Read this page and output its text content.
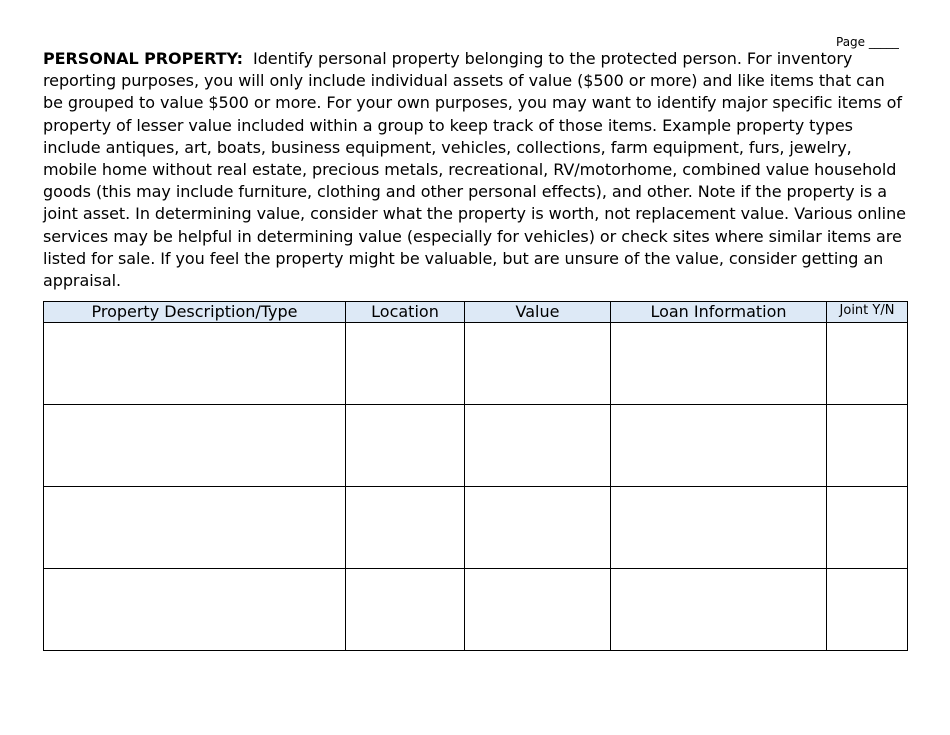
Page _____
PERSONAL PROPERTY: Identify personal property belonging to the protected person. For inventory reporting purposes, you will only include individual assets of value ($500 or more) and like items that can be grouped to value $500 or more. For your own purposes, you may want to identify major specific items of property of lesser value included within a group to keep track of those items. Example property types include antiques, art, boats, business equipment, vehicles, collections, farm equipment, furs, jewelry, mobile home without real estate, precious metals, recreational, RV/motorhome, combined value household goods (this may include furniture, clothing and other personal effects), and other. Note if the property is a joint asset. In determining value, consider what the property is worth, not replacement value. Various online services may be helpful in determining value (especially for vehicles) or check sites where similar items are listed for sale. If you feel the property might be valuable, but are unsure of the value, consider getting an appraisal.
Property Description/Type	Location	Value	Loan Information	Joint Y/N
